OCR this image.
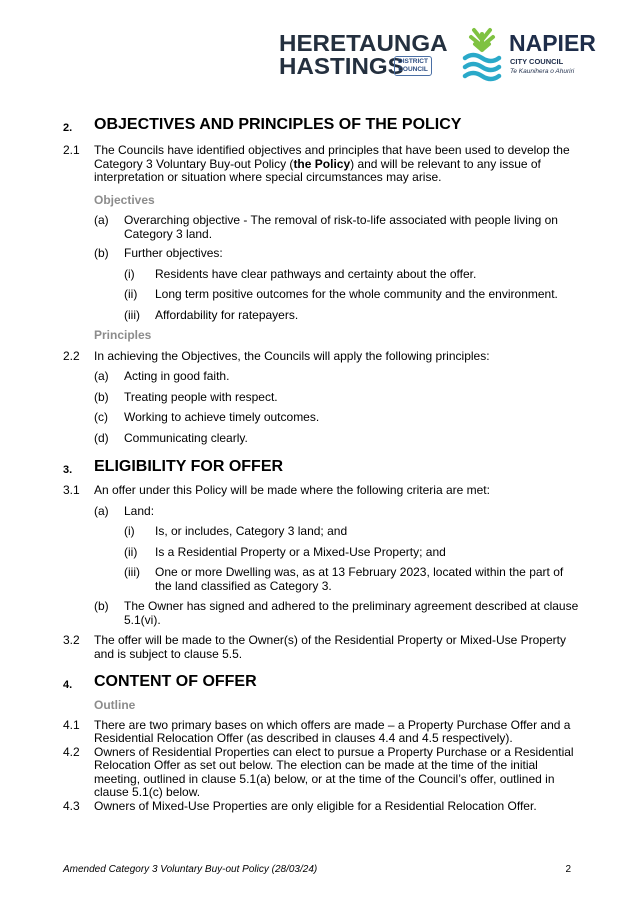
HERETAUNGA
HASTINGS
DISTRICT
COUNCIL
NAPIER
CITY COUNCIL
Te Kaunihera o Ahuriri
2. OBJECTIVES AND PRINCIPLES OF THE POLICY
2.1 The Councils have identified objectives and principles that have been used to develop the Category 3 Voluntary Buy-out Policy (the Policy) and will be relevant to any issue of interpretation or situation where special circumstances may arise.
Objectives
(a) Overarching objective - The removal of risk-to-life associated with people living on Category 3 land.
(b) Further objectives:
(i) Residents have clear pathways and certainty about the offer.
(ii) Long term positive outcomes for the whole community and the environment.
(iii) Affordability for ratepayers.
Principles
2.2 In achieving the Objectives, the Councils will apply the following principles:
(a) Acting in good faith.
(b) Treating people with respect.
(c) Working to achieve timely outcomes.
(d) Communicating clearly.
3. ELIGIBILITY FOR OFFER
3.1 An offer under this Policy will be made where the following criteria are met:
(a) Land:
(i) Is, or includes, Category 3 land; and
(ii) Is a Residential Property or a Mixed-Use Property; and
(iii) One or more Dwelling was, as at 13 February 2023, located within the part of the land classified as Category 3.
(b) The Owner has signed and adhered to the preliminary agreement described at clause 5.1(vi).
3.2 The offer will be made to the Owner(s) of the Residential Property or Mixed-Use Property and is subject to clause 5.5.
4. CONTENT OF OFFER
Outline
4.1 There are two primary bases on which offers are made – a Property Purchase Offer and a Residential Relocation Offer (as described in clauses 4.4 and 4.5 respectively).
4.2 Owners of Residential Properties can elect to pursue a Property Purchase or a Residential Relocation Offer as set out below. The election can be made at the time of the initial meeting, outlined in clause 5.1(a) below, or at the time of the Council’s offer, outlined in clause 5.1(c) below.
4.3 Owners of Mixed-Use Properties are only eligible for a Residential Relocation Offer.
Amended Category 3 Voluntary Buy-out Policy (28/03/24)	2
